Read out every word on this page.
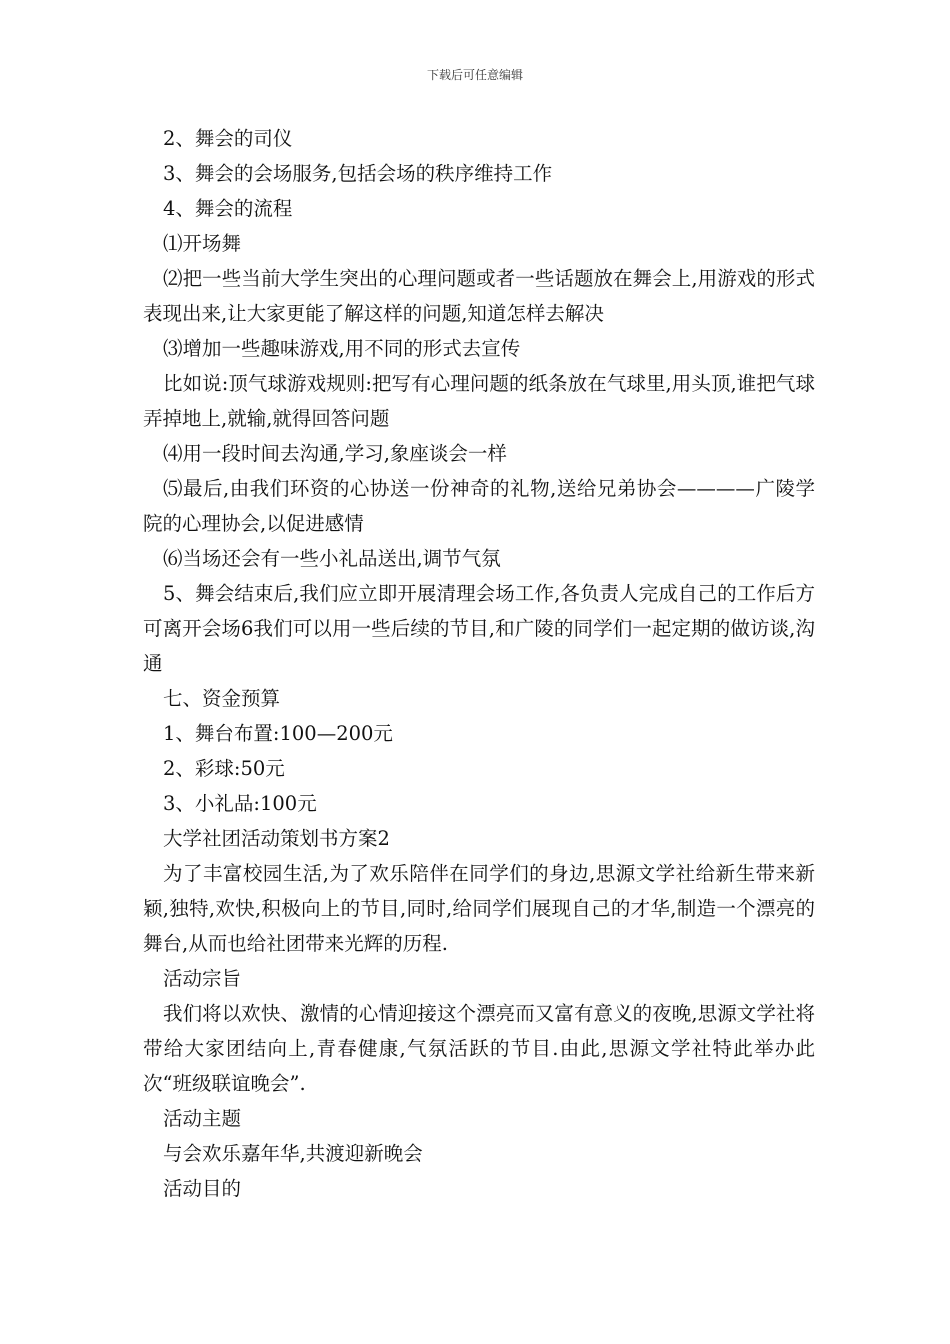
下载后可任意编辑

2、舞会的司仪

3、舞会的会场服务,包括会场的秩序维持工作

4、舞会的流程

⑴开场舞

⑵把一些当前大学生突出的心理问题或者一些话题放在舞会上,用游戏的形式表现出来,让大家更能了解这样的问题,知道怎样去解决

⑶增加一些趣味游戏,用不同的形式去宣传

比如说:顶气球游戏规则:把写有心理问题的纸条放在气球里,用头顶,谁把气球弄掉地上,就输,就得回答问题

⑷用一段时间去沟通,学习,象座谈会一样

⑸最后,由我们环资的心协送一份神奇的礼物,送给兄弟协会————广陵学院的心理协会,以促进感情

⑹当场还会有一些小礼品送出,调节气氛

5、舞会结束后,我们应立即开展清理会场工作,各负责人完成自己的工作后方可离开会场6我们可以用一些后续的节目,和广陵的同学们一起定期的做访谈,沟通

七、资金预算

1、舞台布置:100—200元

2、彩球:50元

3、小礼品:100元

大学社团活动策划书方案2

为了丰富校园生活,为了欢乐陪伴在同学们的身边,思源文学社给新生带来新颖,独特,欢快,积极向上的节目,同时,给同学们展现自己的才华,制造一个漂亮的舞台,从而也给社团带来光辉的历程.

活动宗旨

我们将以欢快、激情的心情迎接这个漂亮而又富有意义的夜晚,思源文学社将带给大家团结向上,青春健康,气氛活跃的节目.由此,思源文学社特此举办此次“班级联谊晚会”.

活动主题

与会欢乐嘉年华,共渡迎新晚会

活动目的
